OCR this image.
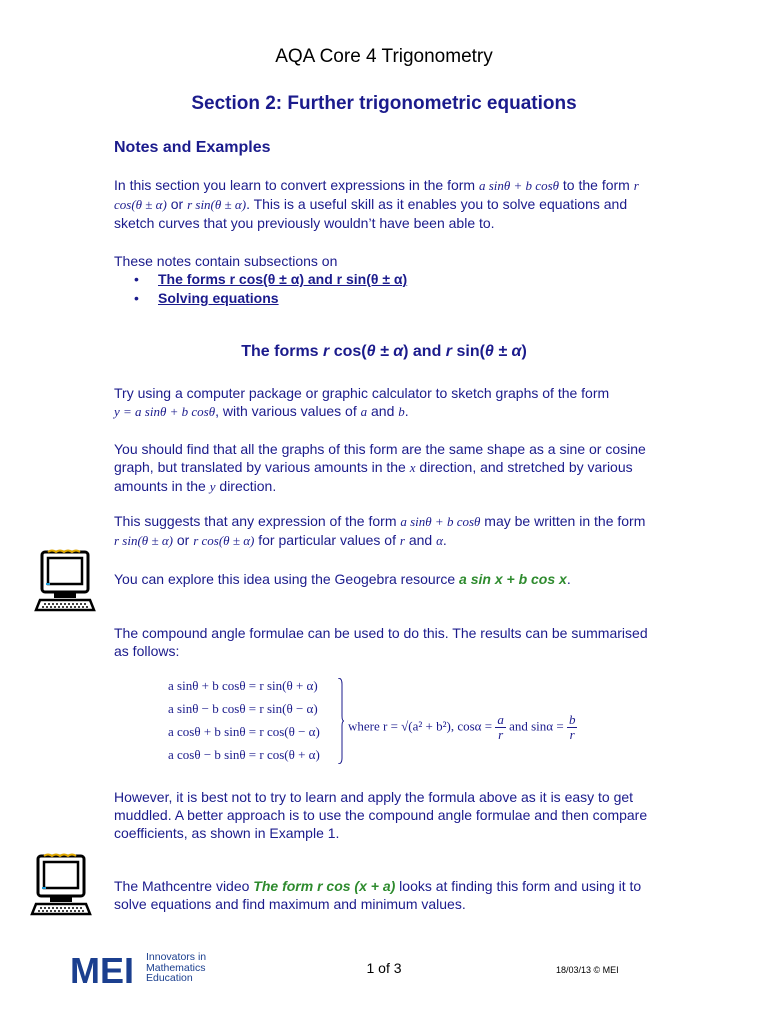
AQA Core 4 Trigonometry
Section 2: Further trigonometric equations
Notes and Examples
In this section you learn to convert expressions in the form a sinθ + b cosθ to the form r cos(θ ± α) or r sin(θ ± α). This is a useful skill as it enables you to solve equations and sketch curves that you previously wouldn’t have been able to.
These notes contain subsections on
• The forms r cos(θ ± α) and r sin(θ ± α)
• Solving equations
The forms r cos(θ ± α) and r sin(θ ± α)
Try using a computer package or graphic calculator to sketch graphs of the form
y = a sinθ + b cosθ, with various values of a and b.
You should find that all the graphs of this form are the same shape as a sine or cosine graph, but translated by various amounts in the x direction, and stretched by various amounts in the y direction.
This suggests that any expression of the form a sinθ + b cosθ may be written in the form r sin(θ ± α) or r cos(θ ± α) for particular values of r and α.
You can explore this idea using the Geogebra resource a sin x + b cos x.
The compound angle formulae can be used to do this. The results can be summarised as follows:
a sinθ + b cosθ = r sin(θ + α)
a sinθ − b cosθ = r sin(θ − α)
a cosθ + b sinθ = r cos(θ − α)
a cosθ − b sinθ = r cos(θ + α)
where r = √(a² + b²), $\cos\alpha = \frac{a}{r}$ and $\sin\alpha = \frac{b}{r}$
However, it is best not to try to learn and apply the formula above as it is easy to get muddled. A better approach is to use the compound angle formulae and then compare coefficients, as shown in Example 1.
The Mathcentre video The form r cos (x + a) looks at finding this form and using it to solve equations and find maximum and minimum values.
MEI Innovators in
Mathematics
Education
1 of 3	18/03/13 © MEI
